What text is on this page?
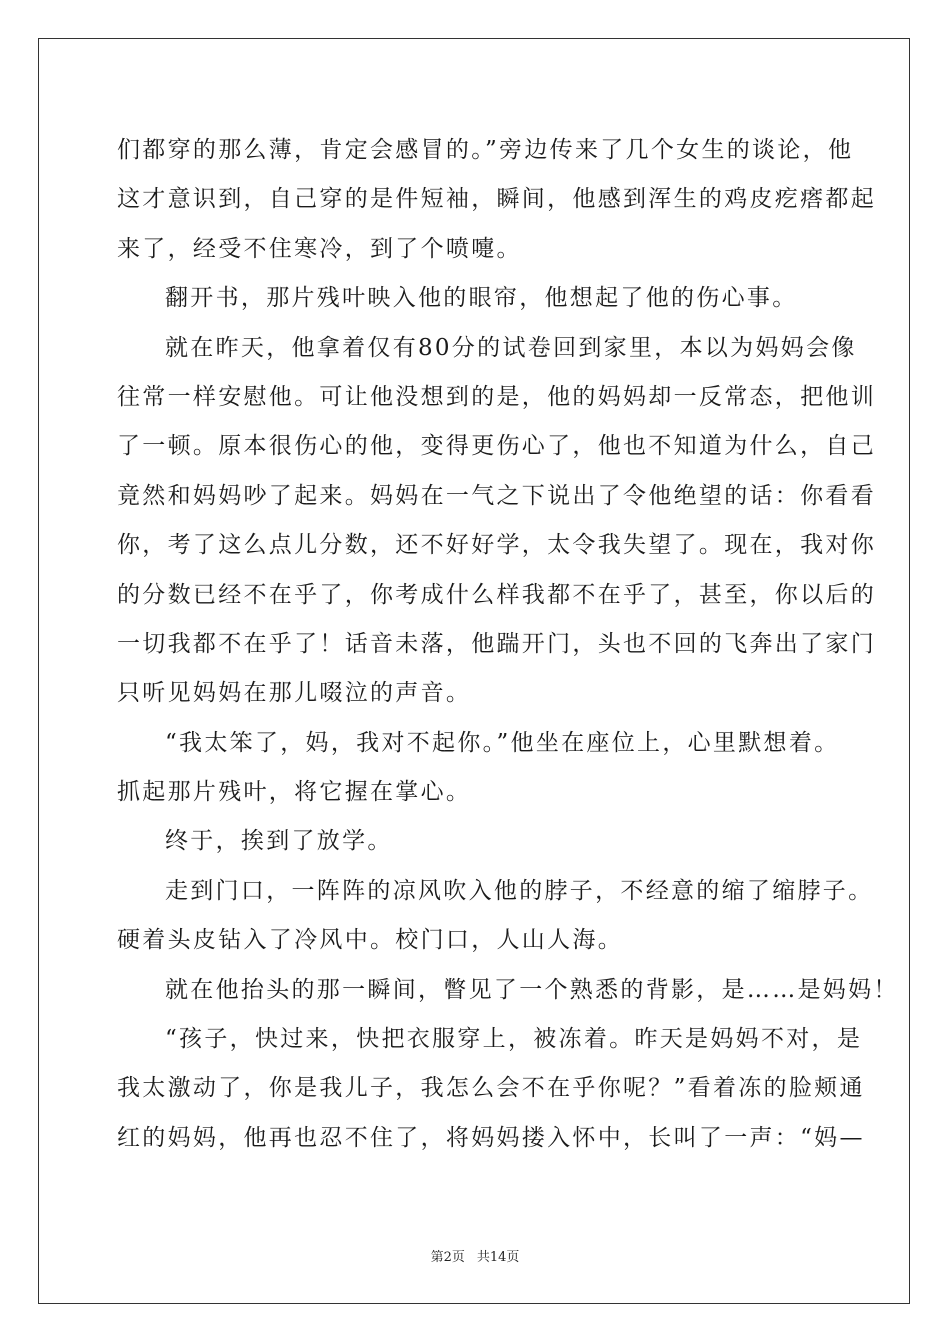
们都穿的那么薄，肯定会感冒的。”旁边传来了几个女生的谈论，他
这才意识到，自己穿的是件短袖，瞬间，他感到浑生的鸡皮疙瘩都起
来了，经受不住寒冷，到了个喷嚏。
翻开书，那片残叶映入他的眼帘，他想起了他的伤心事。
就在昨天，他拿着仅有80分的试卷回到家里，本以为妈妈会像
往常一样安慰他。可让他没想到的是，他的妈妈却一反常态，把他训
了一顿。原本很伤心的他，变得更伤心了，他也不知道为什么，自己
竟然和妈妈吵了起来。妈妈在一气之下说出了令他绝望的话：你看看
你，考了这么点儿分数，还不好好学，太令我失望了。现在，我对你
的分数已经不在乎了，你考成什么样我都不在乎了，甚至，你以后的
一切我都不在乎了！话音未落，他踹开门，头也不回的飞奔出了家门
只听见妈妈在那儿啜泣的声音。
“我太笨了，妈，我对不起你。”他坐在座位上，心里默想着。
抓起那片残叶，将它握在掌心。
终于，挨到了放学。
走到门口，一阵阵的凉风吹入他的脖子，不经意的缩了缩脖子。
硬着头皮钻入了冷风中。校门口，人山人海。
就在他抬头的那一瞬间，瞥见了一个熟悉的背影，是……是妈妈！
“孩子，快过来，快把衣服穿上，被冻着。昨天是妈妈不对，是
我太激动了，你是我儿子，我怎么会不在乎你呢？”看着冻的脸颊通
红的妈妈，他再也忍不住了，将妈妈搂入怀中，长叫了一声：“妈—
第2页 共14页
